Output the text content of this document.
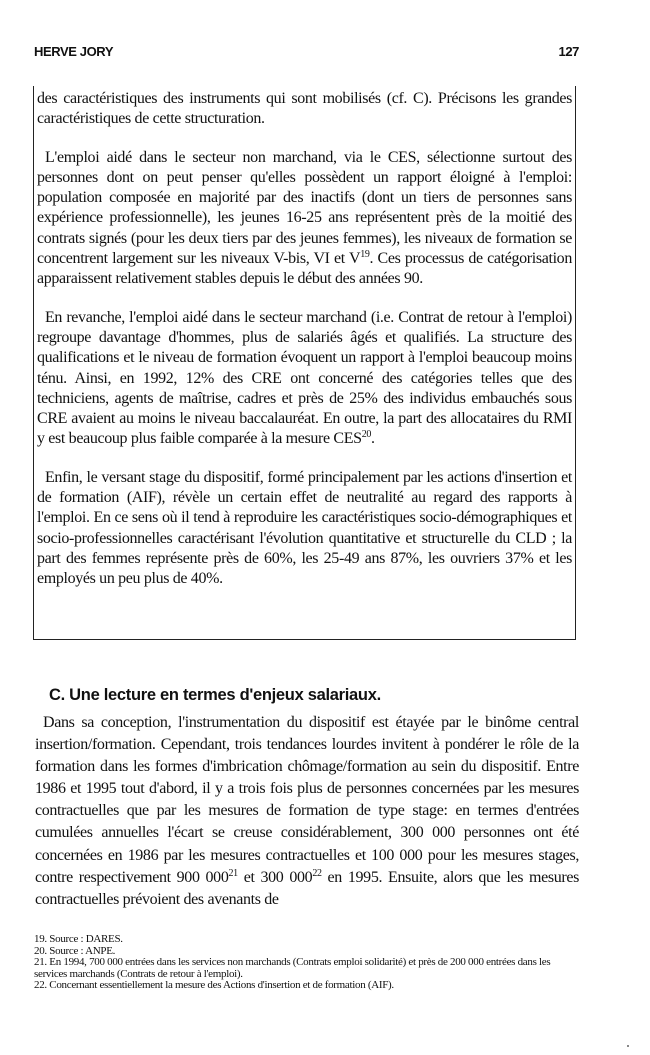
HERVE JORY	127

des caractéristiques des instruments qui sont mobilisés (cf. C). Précisons les grandes caractéristiques de cette structuration.

L'emploi aidé dans le secteur non marchand, via le CES, sélectionne surtout des personnes dont on peut penser qu'elles possèdent un rapport éloigné à l'emploi: population composée en majorité par des inactifs (dont un tiers de personnes sans expérience professionnelle), les jeunes 16-25 ans représentent près de la moitié des contrats signés (pour les deux tiers par des jeunes femmes), les niveaux de formation se concentrent largement sur les niveaux V-bis, VI et $V^{19}$. Ces processus de catégorisation apparaissent relativement stables depuis le début des années 90.

En revanche, l'emploi aidé dans le secteur marchand (i.e. Contrat de retour à l'emploi) regroupe davantage d'hommes, plus de salariés âgés et qualifiés. La structure des qualifications et le niveau de formation évoquent un rapport à l'emploi beaucoup moins ténu. Ainsi, en 1992, 12% des CRE ont concerné des catégories telles que des techniciens, agents de maîtrise, cadres et près de 25% des individus embauchés sous CRE avaient au moins le niveau baccalauréat. En outre, la part des allocataires du RMI y est beaucoup plus faible comparée à la mesure CES$^{20}$.

Enfin, le versant stage du dispositif, formé principalement par les actions d'insertion et de formation (AIF), révèle un certain effet de neutralité au regard des rapports à l'emploi. En ce sens où il tend à reproduire les caractéristiques socio-démographiques et socio-professionnelles caractérisant l'évolution quantitative et structurelle du CLD ; la part des femmes représente près de 60%, les 25-49 ans 87%, les ouvriers 37% et les employés un peu plus de 40%.

C. Une lecture en termes d'enjeux salariaux.

Dans sa conception, l'instrumentation du dispositif est étayée par le binôme central insertion/formation. Cependant, trois tendances lourdes invitent à pondérer le rôle de la formation dans les formes d'imbrication chômage/formation au sein du dispositif. Entre 1986 et 1995 tout d'abord, il y a trois fois plus de personnes concernées par les mesures contractuelles que par les mesures de formation de type stage: en termes d'entrées cumulées annuelles l'écart se creuse considérablement, 300 000 personnes ont été concernées en 1986 par les mesures contractuelles et 100 000 pour les mesures stages, contre respectivement 900 $000^{21}$ et 300 $000^{22}$ en 1995. Ensuite, alors que les mesures contractuelles prévoient des avenants de

19. Source : DARES.
20. Source : ANPE.
21. En 1994, 700 000 entrées dans les services non marchands (Contrats emploi solidarité) et près de 200 000 entrées dans les services marchands (Contrats de retour à l'emploi).
22. Concernant essentiellement la mesure des Actions d'insertion et de formation (AIF).
